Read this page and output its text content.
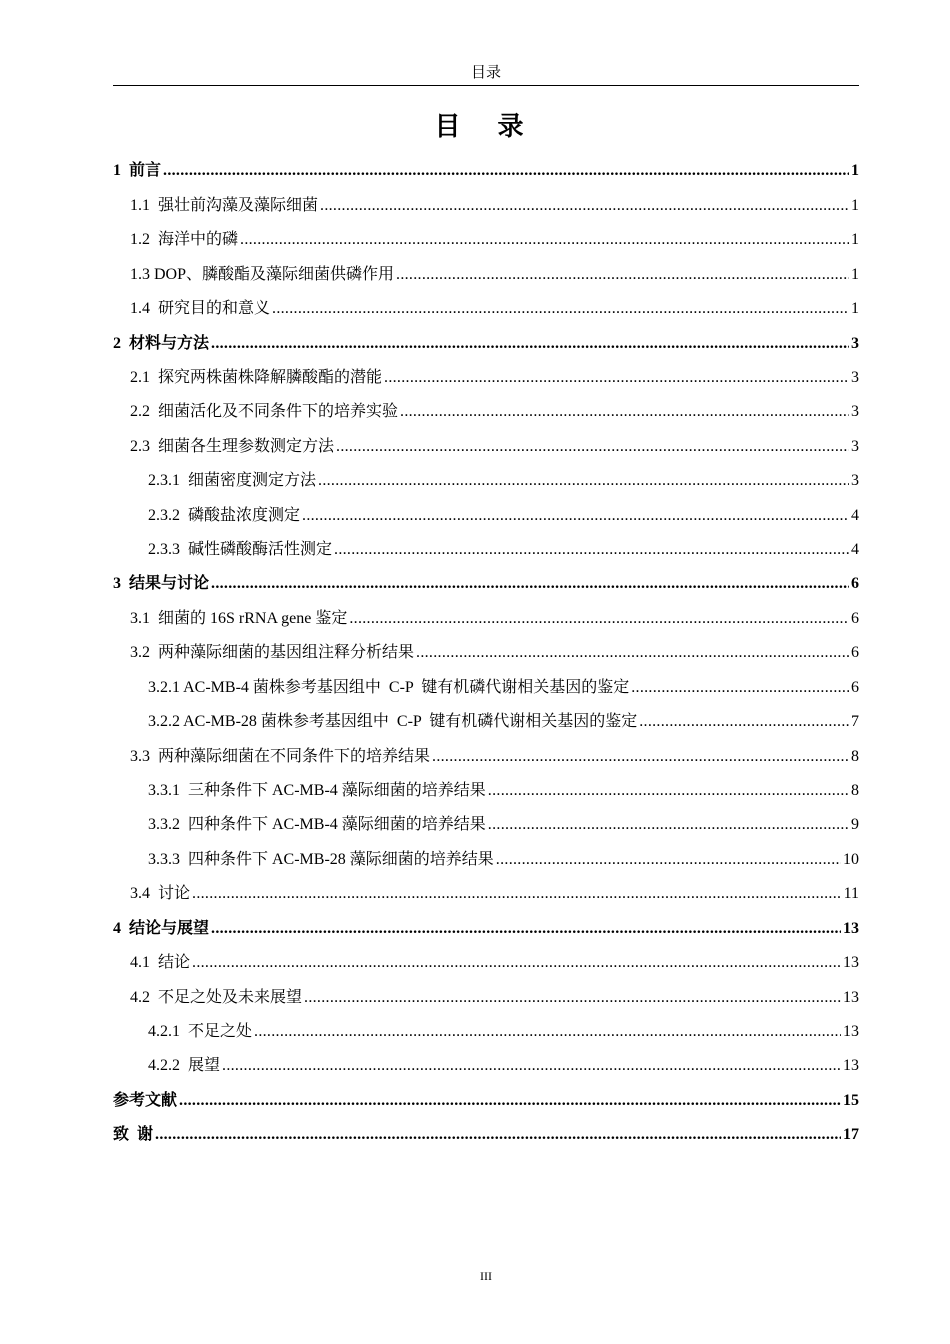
目录
目 录
1  前言 .....	1
1.1  强壮前沟藻及藻际细菌 .....	1
1.2  海洋中的磷 .....	1
1.3 DOP、膦酸酯及藻际细菌供磷作用 .....	1
1.4  研究目的和意义 .....	1
2  材料与方法 .....	3
2.1  探究两株菌株降解膦酸酯的潜能 .....	3
2.2  细菌活化及不同条件下的培养实验 .....	3
2.3  细菌各生理参数测定方法 .....	3
2.3.1  细菌密度测定方法 .....	3
2.3.2  磷酸盐浓度测定 .....	4
2.3.3  碱性磷酸酶活性测定 .....	4
3  结果与讨论 .....	6
3.1  细菌的 16S rRNA gene 鉴定 .....	6
3.2  两种藻际细菌的基因组注释分析结果 .....	6
3.2.1 AC-MB-4 菌株参考基因组中  C-P  键有机磷代谢相关基因的鉴定 .....	6
3.2.2 AC-MB-28 菌株参考基因组中  C-P  键有机磷代谢相关基因的鉴定 .....	7
3.3  两种藻际细菌在不同条件下的培养结果 .....	8
3.3.1  三种条件下 AC-MB-4 藻际细菌的培养结果 .....	8
3.3.2  四种条件下 AC-MB-4 藻际细菌的培养结果 .....	9
3.3.3  四种条件下 AC-MB-28 藻际细菌的培养结果 .....	10
3.4  讨论 .....	11
4  结论与展望 .....	13
4.1  结论 .....	13
4.2  不足之处及未来展望 .....	13
4.2.1  不足之处 .....	13
4.2.2  展望 .....	13
参考文献 .....	15
致  谢 .....	17
III
